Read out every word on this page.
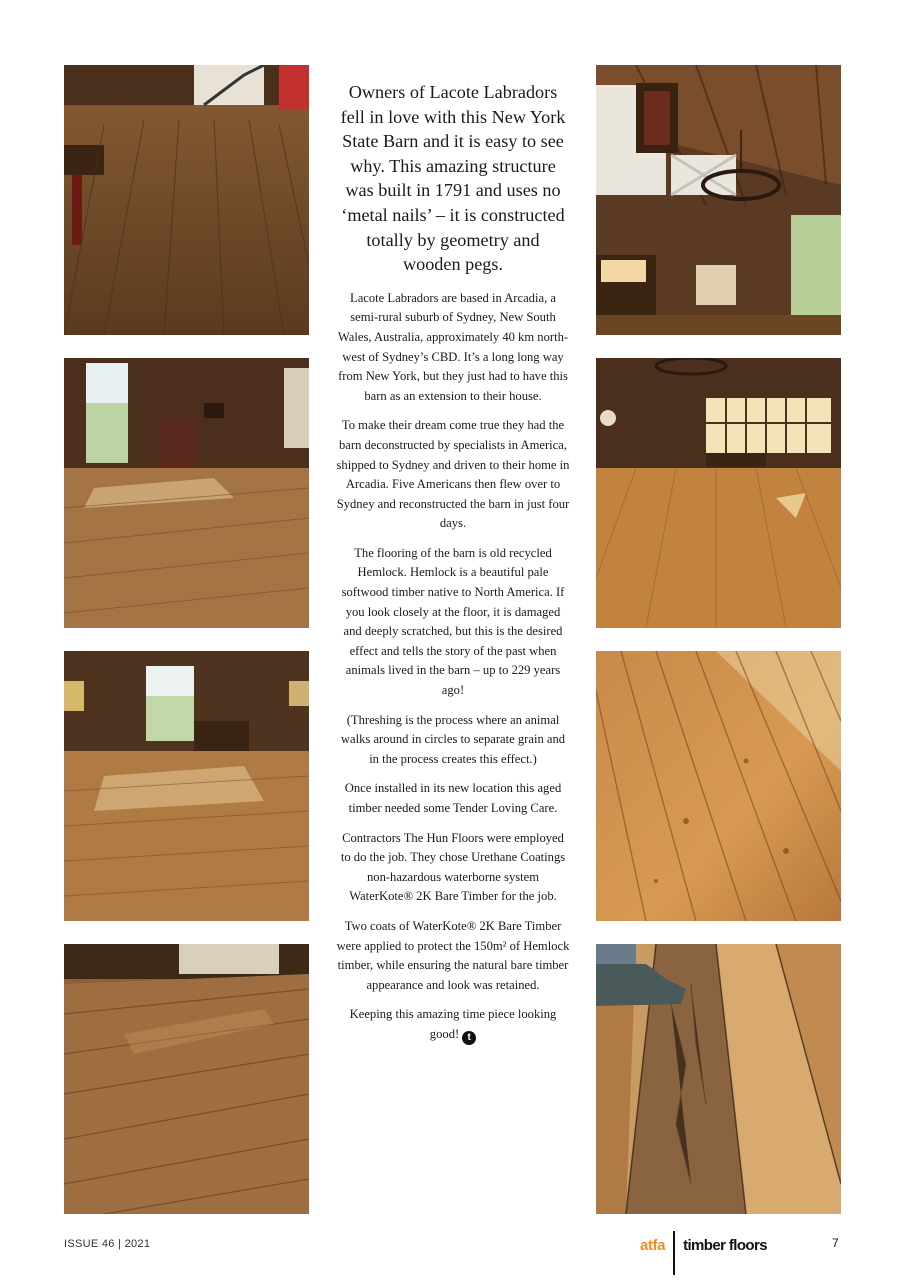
Owners of Lacote Labradors fell in love with this New York State Barn and it is easy to see why. This amazing structure was built in 1791 and uses no ‘metal nails’ – it is constructed totally by geometry and wooden pegs.

Lacote Labradors are based in Arcadia, a semi-rural suburb of Sydney, New South Wales, Australia, approximately 40 km north-west of Sydney’s CBD. It’s a long long way from New York, but they just had to have this barn as an extension to their house.

To make their dream come true they had the barn deconstructed by specialists in America, shipped to Sydney and driven to their home in Arcadia. Five Americans then flew over to Sydney and reconstructed the barn in just four days.

The flooring of the barn is old recycled Hemlock. Hemlock is a beautiful pale softwood timber native to North America. If you look closely at the floor, it is damaged and deeply scratched, but this is the desired effect and tells the story of the past when animals lived in the barn – up to 229 years ago!

(Threshing is the process where an animal walks around in circles to separate grain and in the process creates this effect.)

Once installed in its new location this aged timber needed some Tender Loving Care.

Contractors The Hun Floors were employed to do the job. They chose Urethane Coatings non-hazardous waterborne system WaterKote® 2K Bare Timber for the job.

Two coats of WaterKote® 2K Bare Timber were applied to protect the 150m² of Hemlock timber, while ensuring the natural bare timber appearance and look was retained.

Keeping this amazing time piece looking good! t

ISSUE 46 | 2021	atfa timber floors	7
